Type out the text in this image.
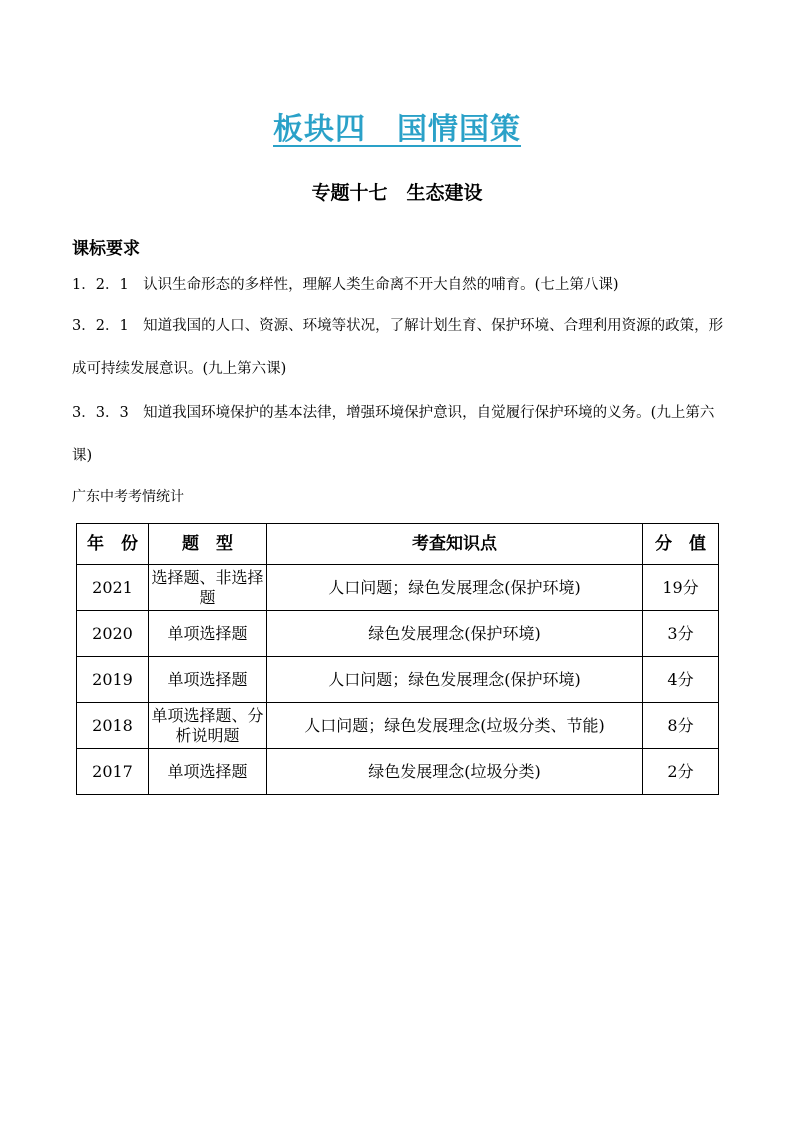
板块四　国情国策
专题十七　生态建设
课标要求
1．2．1　认识生命形态的多样性，理解人类生命离不开大自然的哺育。(七上第八课)
3．2．1　知道我国的人口、资源、环境等状况，了解计划生育、保护环境、合理利用资源的政策，形成可持续发展意识。(九上第六课)
3．3．3　知道我国环境保护的基本法律，增强环境保护意识，自觉履行保护环境的义务。(九上第六课)
广东中考考情统计
年　份	题　型	考查知识点	分　值
2021	选择题、非选择题	人口问题；绿色发展理念(保护环境)	19分
2020	单项选择题	绿色发展理念(保护环境)	3分
2019	单项选择题	人口问题；绿色发展理念(保护环境)	4分
2018	单项选择题、分析说明题	人口问题；绿色发展理念(垃圾分类、节能)	8分
2017	单项选择题	绿色发展理念(垃圾分类)	2分
